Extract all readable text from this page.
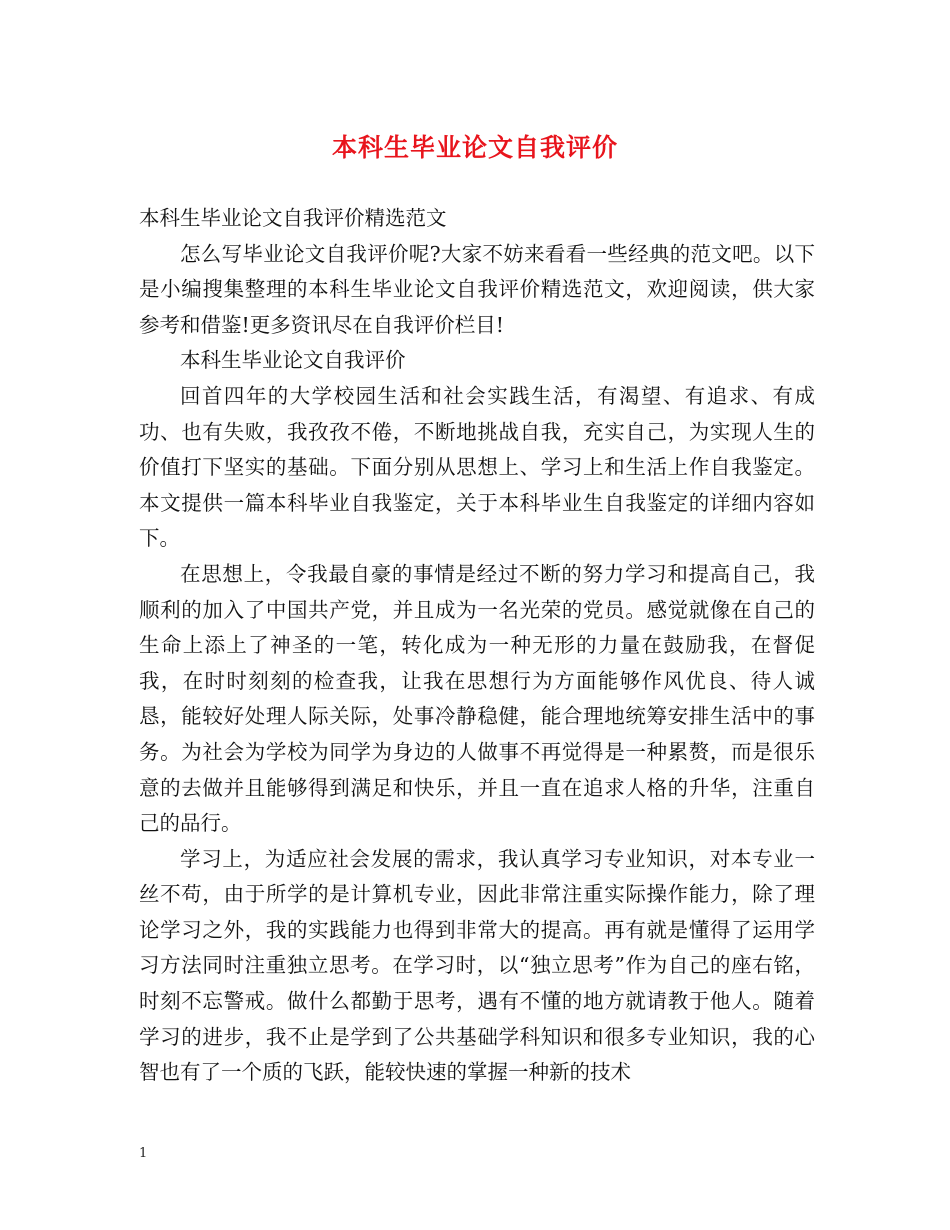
本科生毕业论文自我评价

本科生毕业论文自我评价精选范文

怎么写毕业论文自我评价呢?大家不妨来看看一些经典的范文吧。以下是小编搜集整理的本科生毕业论文自我评价精选范文，欢迎阅读，供大家参考和借鉴!更多资讯尽在自我评价栏目!

本科生毕业论文自我评价

回首四年的大学校园生活和社会实践生活，有渴望、有追求、有成功、也有失败，我孜孜不倦，不断地挑战自我，充实自己，为实现人生的价值打下坚实的基础。下面分别从思想上、学习上和生活上作自我鉴定。本文提供一篇本科毕业自我鉴定，关于本科毕业生自我鉴定的详细内容如下。

在思想上，令我最自豪的事情是经过不断的努力学习和提高自己，我顺利的加入了中国共产党，并且成为一名光荣的党员。感觉就像在自己的生命上添上了神圣的一笔，转化成为一种无形的力量在鼓励我，在督促我，在时时刻刻的检查我，让我在思想行为方面能够作风优良、待人诚恳，能较好处理人际关际，处事冷静稳健，能合理地统筹安排生活中的事务。为社会为学校为同学为身边的人做事不再觉得是一种累赘，而是很乐意的去做并且能够得到满足和快乐，并且一直在追求人格的升华，注重自己的品行。

学习上，为适应社会发展的需求，我认真学习专业知识，对本专业一丝不苟，由于所学的是计算机专业，因此非常注重实际操作能力，除了理论学习之外，我的实践能力也得到非常大的提高。再有就是懂得了运用学习方法同时注重独立思考。在学习时，以“独立思考”作为自己的座右铭，时刻不忘警戒。做什么都勤于思考，遇有不懂的地方就请教于他人。随着学习的进步，我不止是学到了公共基础学科知识和很多专业知识，我的心智也有了一个质的飞跃，能较快速的掌握一种新的技术

1
